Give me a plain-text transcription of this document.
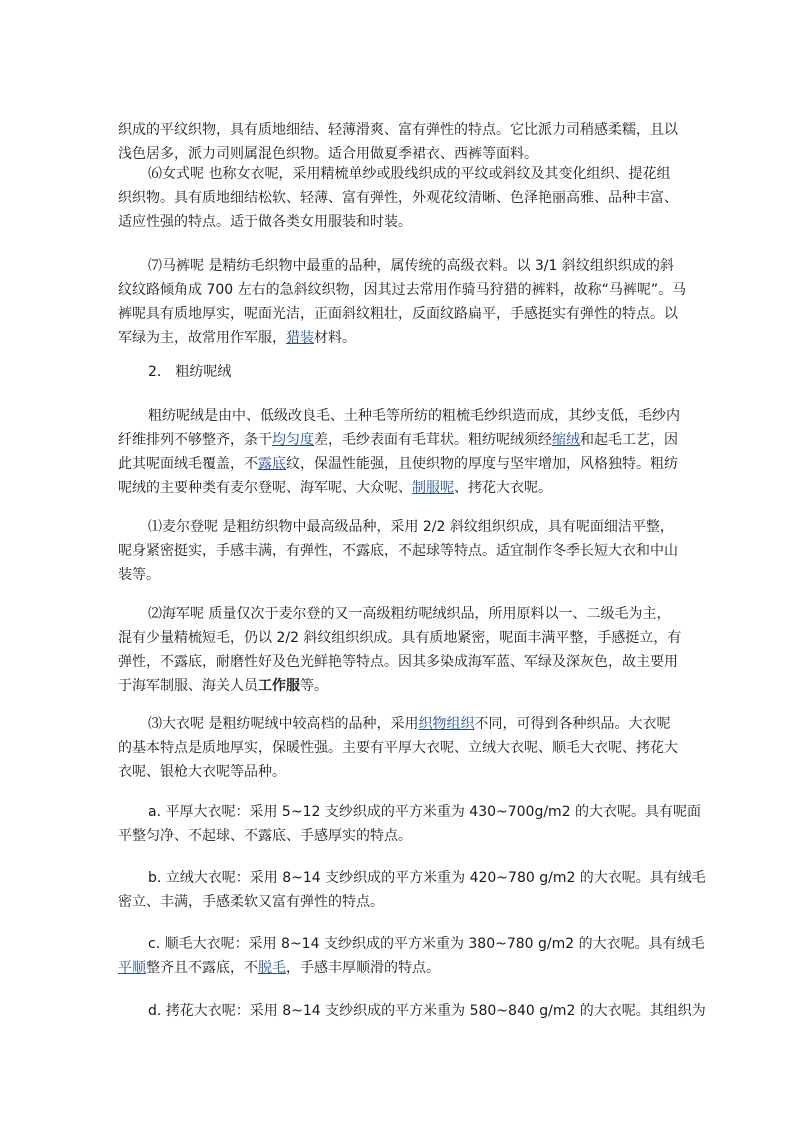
织成的平纹织物，具有质地细结、轻薄滑爽、富有弹性的特点。它比派力司稍感柔糯，且以
浅色居多，派力司则属混色织物。适合用做夏季裙衣、西裤等面料。
⑹女式呢 也称女衣呢，采用精梳单纱或股线织成的平纹或斜纹及其变化组织、提花组
织织物。具有质地细结松软、轻薄、富有弹性，外观花纹清晰、色泽艳丽高雅、品种丰富、
适应性强的特点。适于做各类女用服装和时装。
⑺马裤呢 是精纺毛织物中最重的品种，属传统的高级衣料。以 3/1 斜纹组织织成的斜
纹纹路倾角成 700 左右的急斜纹织物，因其过去常用作骑马狩猎的裤料，故称“马裤呢”。马
裤呢具有质地厚实，呢面光洁，正面斜纹粗壮，反面纹路扁平，手感挺实有弹性的特点。以
军绿为主，故常用作军服，猎装材料。
2． 粗纺呢绒
粗纺呢绒是由中、低级改良毛、土种毛等所纺的粗梳毛纱织造而成，其纱支低，毛纱内
纤维排列不够整齐，条干均匀度差，毛纱表面有毛茸状。粗纺呢绒须经缩绒和起毛工艺，因
此其呢面绒毛覆盖，不露底纹，保温性能强，且使织物的厚度与坚牢增加，风格独特。粗纺
呢绒的主要种类有麦尔登呢、海军呢、大众呢、制服呢、拷花大衣呢。
⑴麦尔登呢 是粗纺织物中最高级品种，采用 2/2 斜纹组织织成，具有呢面细洁平整，
呢身紧密挺实，手感丰满，有弹性，不露底，不起球等特点。适宜制作冬季长短大衣和中山
装等。
⑵海军呢 质量仅次于麦尔登的又一高级粗纺呢绒织品，所用原料以一、二级毛为主，
混有少量精梳短毛，仍以 2/2 斜纹组织织成。具有质地紧密，呢面丰满平整，手感挺立，有
弹性，不露底，耐磨性好及色光鲜艳等特点。因其多染成海军蓝、军绿及深灰色，故主要用
于海军制服、海关人员工作服等。
⑶大衣呢 是粗纺呢绒中较高档的品种，采用织物组织不同，可得到各种织品。大衣呢
的基本特点是质地厚实，保暖性强。主要有平厚大衣呢、立绒大衣呢、顺毛大衣呢、拷花大
衣呢、银枪大衣呢等品种。
a. 平厚大衣呢：采用 5~12 支纱织成的平方米重为 430~700g/m2 的大衣呢。具有呢面
平整匀净、不起球、不露底、手感厚实的特点。
b. 立绒大衣呢：采用 8~14 支纱织成的平方米重为 420~780 g/m2 的大衣呢。具有绒毛
密立、丰满，手感柔软又富有弹性的特点。
c. 顺毛大衣呢：采用 8~14 支纱织成的平方米重为 380~780 g/m2 的大衣呢。具有绒毛
平顺整齐且不露底，不脱毛，手感丰厚顺滑的特点。
d. 拷花大衣呢：采用 8~14 支纱织成的平方米重为 580~840 g/m2 的大衣呢。其组织为
